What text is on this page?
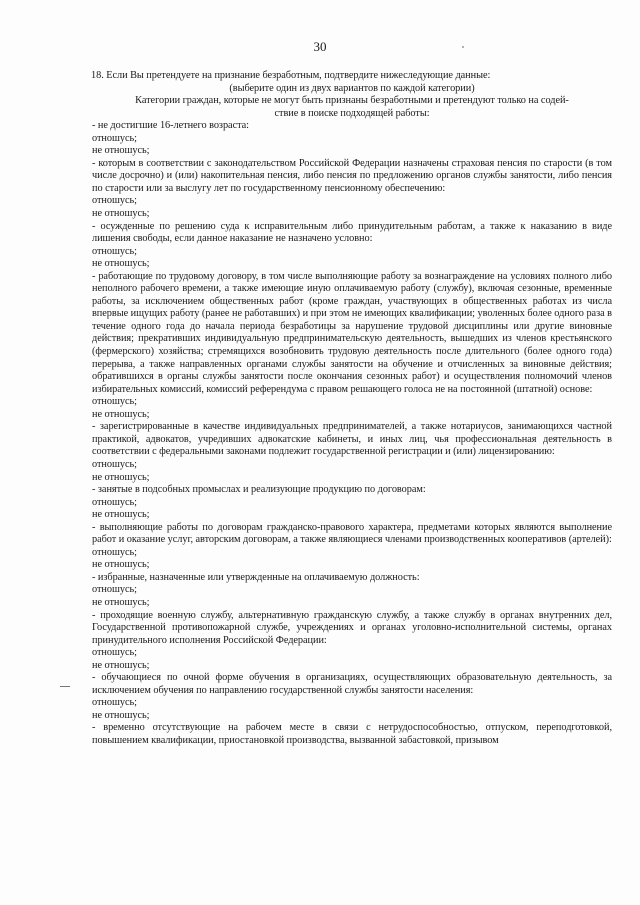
30
18. Если Вы претендуете на признание безработным, подтвердите нижеследующие данные:
(выберите один из двух вариантов по каждой категории)
Категории граждан, которые не могут быть признаны безработными и претендуют только на содей-
ствие в поиске подходящей работы:
- не достигшие 16-летнего возраста:
отношусь;
не отношусь;
- которым в соответствии с законодательством Российской Федерации назначены страховая пенсия по старости (в том числе досрочно) и (или) накопительная пенсия, либо пенсия по предложению органов службы занятости, либо пенсия по старости или за выслугу лет по государственному пенсионному обеспечению:
отношусь;
не отношусь;
- осужденные по решению суда к исправительным либо принудительным работам, а также к наказанию в виде лишения свободы, если данное наказание не назначено условно:
отношусь;
не отношусь;
- работающие по трудовому договору, в том числе выполняющие работу за вознаграждение на условиях полного либо неполного рабочего времени, а также имеющие иную оплачиваемую работу (службу), включая сезонные, временные работы, за исключением общественных работ (кроме граждан, участвующих в общественных работах из числа впервые ищущих работу (ранее не работавших) и при этом не имеющих квалификации; уволенных более одного раза в течение одного года до начала периода безработицы за нарушение трудовой дисциплины или другие виновные действия; прекративших индивидуальную предпринимательскую деятельность, вышедших из членов крестьянского (фермерского) хозяйства; стремящихся возобновить трудовую деятельность после длительного (более одного года) перерыва, а также направленных органами службы занятости на обучение и отчисленных за виновные действия; обратившихся в органы службы занятости после окончания сезонных работ) и осуществления полномочий членов избирательных комиссий, комиссий референдума с правом решающего голоса не на постоянной (штатной) основе:
отношусь;
не отношусь;
- зарегистрированные в качестве индивидуальных предпринимателей, а также нотариусов, занимающихся частной практикой, адвокатов, учредивших адвокатские кабинеты, и иных лиц, чья профессиональная деятельность в соответствии с федеральными законами подлежит государственной регистрации и (или) лицензированию:
отношусь;
не отношусь;
- занятые в подсобных промыслах и реализующие продукцию по договорам:
отношусь;
не отношусь;
- выполняющие работы по договорам гражданско-правового характера, предметами которых являются выполнение работ и оказание услуг, авторским договорам, а также являющиеся членами производственных кооперативов (артелей):
отношусь;
не отношусь;
- избранные, назначенные или утвержденные на оплачиваемую должность:
отношусь;
не отношусь;
- проходящие военную службу, альтернативную гражданскую службу, а также службу в органах внутренних дел, Государственной противопожарной службе, учреждениях и органах уголовно-исполнительной системы, органах принудительного исполнения Российской Федерации:
отношусь;
не отношусь;
- обучающиеся по очной форме обучения в организациях, осуществляющих образовательную деятельность, за исключением обучения по направлению государственной службы занятости населения:
отношусь;
не отношусь;
- временно отсутствующие на рабочем месте в связи с нетрудоспособностью, отпуском, переподготовкой, повышением квалификации, приостановкой производства, вызванной забастовкой, призывом
